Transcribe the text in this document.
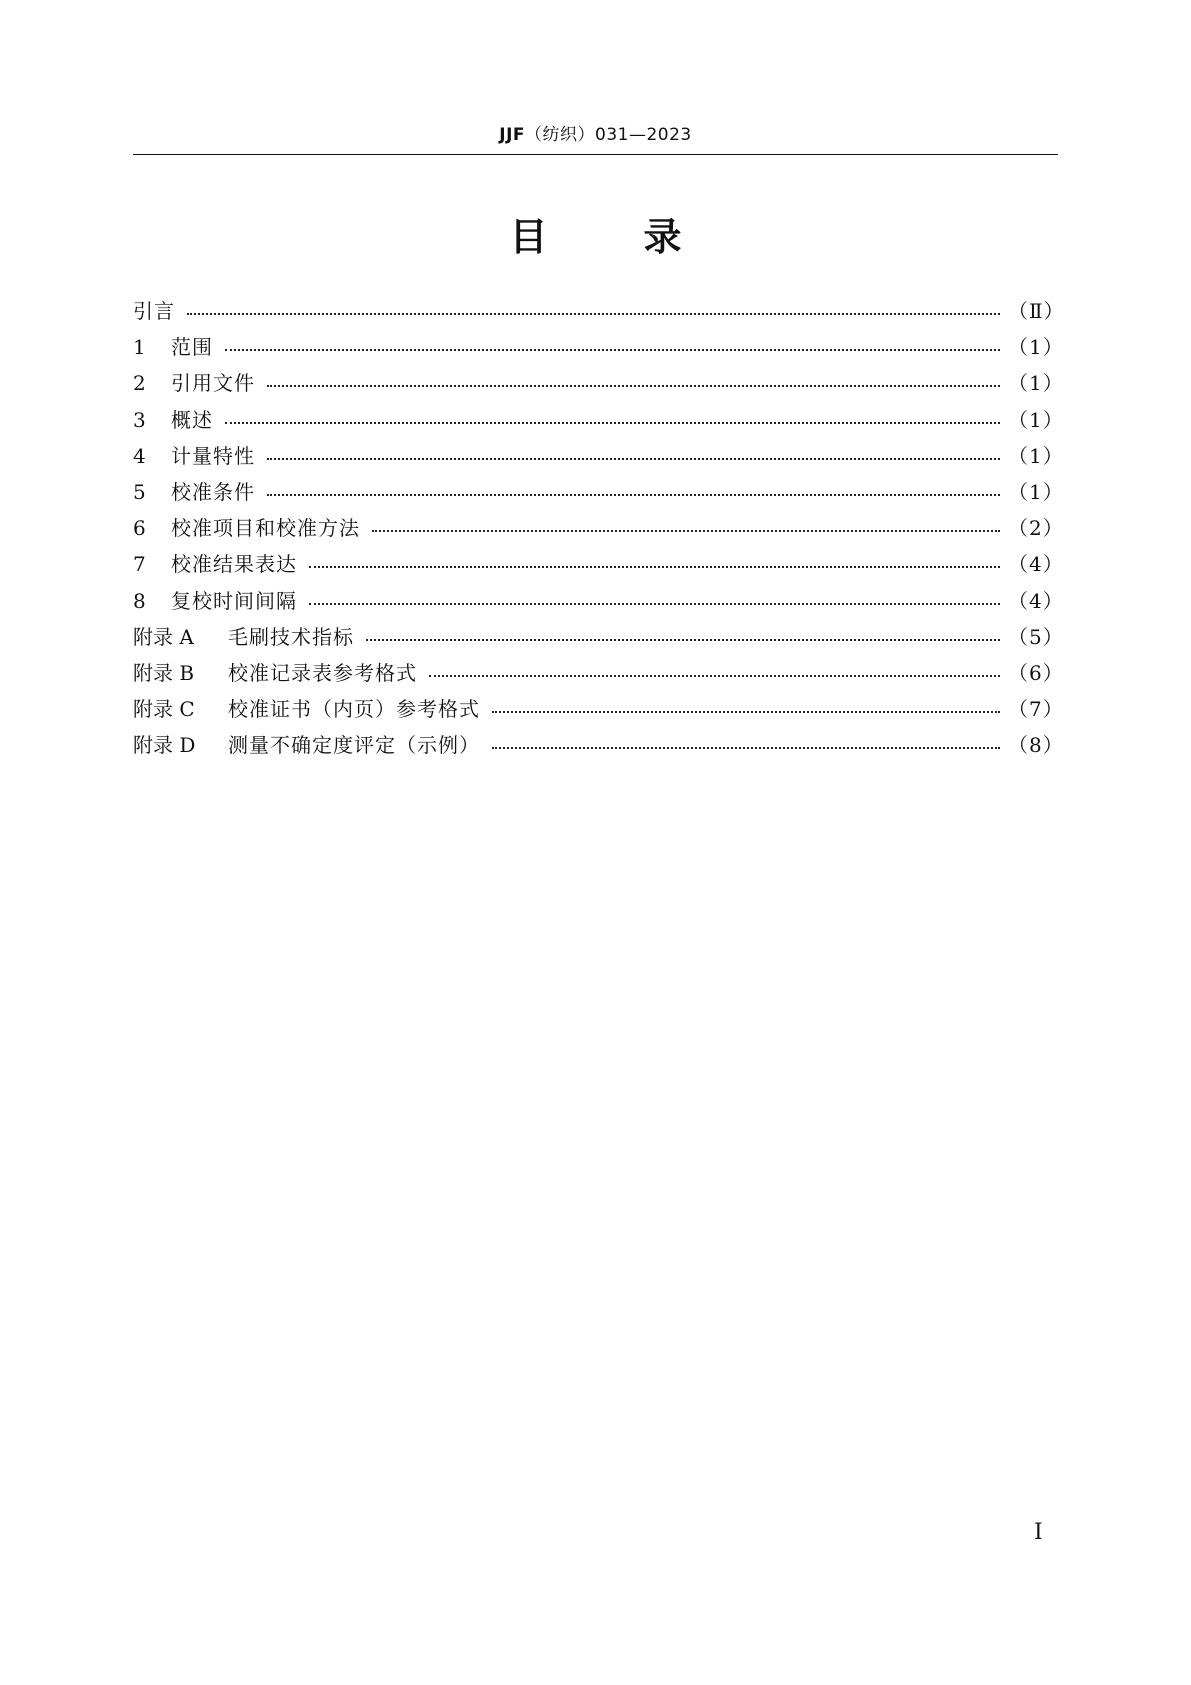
JJF（纺织）031—2023
目	录
引言	（Ⅱ）
1	范围	（1）
2	引用文件	（1）
3	概述	（1）
4	计量特性	（1）
5	校准条件	（1）
6	校准项目和校准方法	（2）
7	校准结果表达	（4）
8	复校时间间隔	（4）
附录 A	毛刷技术指标	（5）
附录 B	校准记录表参考格式	（6）
附录 C	校准证书（内页）参考格式	（7）
附录 D	测量不确定度评定（示例）	（8）
Ⅰ
